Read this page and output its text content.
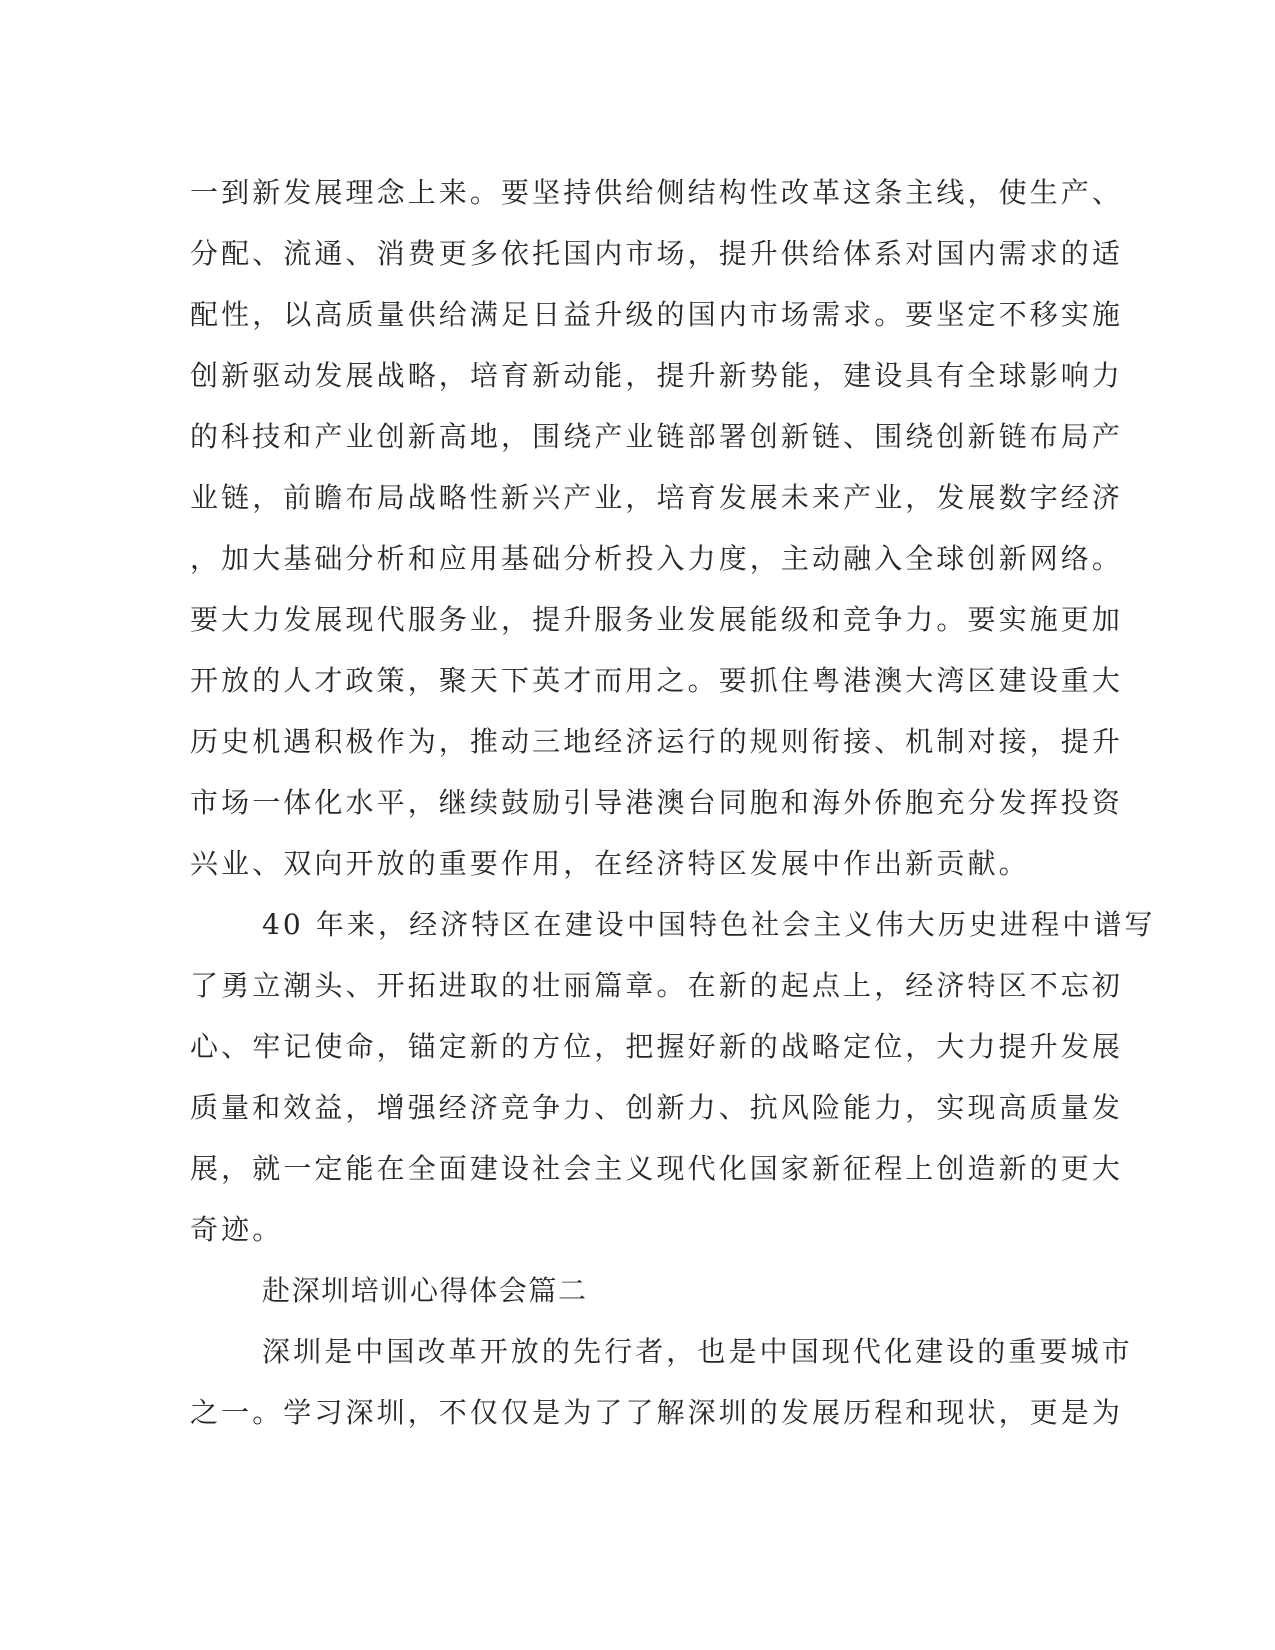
一到新发展理念上来。要坚持供给侧结构性改革这条主线，使生产、
分配、流通、消费更多依托国内市场，提升供给体系对国内需求的适
配性，以高质量供给满足日益升级的国内市场需求。要坚定不移实施
创新驱动发展战略，培育新动能，提升新势能，建设具有全球影响力
的科技和产业创新高地，围绕产业链部署创新链、围绕创新链布局产
业链，前瞻布局战略性新兴产业，培育发展未来产业，发展数字经济
，加大基础分析和应用基础分析投入力度，主动融入全球创新网络。
要大力发展现代服务业，提升服务业发展能级和竞争力。要实施更加
开放的人才政策，聚天下英才而用之。要抓住粤港澳大湾区建设重大
历史机遇积极作为，推动三地经济运行的规则衔接、机制对接，提升
市场一体化水平，继续鼓励引导港澳台同胞和海外侨胞充分发挥投资
兴业、双向开放的重要作用，在经济特区发展中作出新贡献。
40 年来，经济特区在建设中国特色社会主义伟大历史进程中谱写
了勇立潮头、开拓进取的壮丽篇章。在新的起点上，经济特区不忘初
心、牢记使命，锚定新的方位，把握好新的战略定位，大力提升发展
质量和效益，增强经济竞争力、创新力、抗风险能力，实现高质量发
展，就一定能在全面建设社会主义现代化国家新征程上创造新的更大
奇迹。
赴深圳培训心得体会篇二
深圳是中国改革开放的先行者，也是中国现代化建设的重要城市
之一。学习深圳，不仅仅是为了了解深圳的发展历程和现状，更是为
